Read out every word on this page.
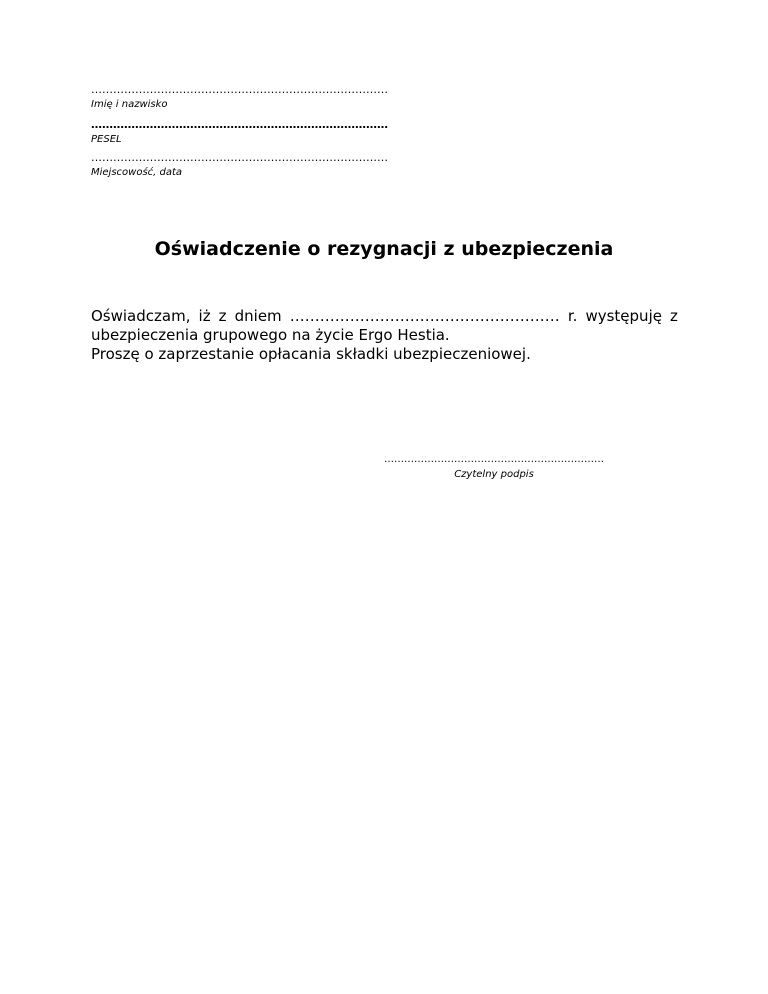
………………………………………………………………………
Imię i nazwisko
………………………………………………………………………
PESEL
………………………………………………………………………
Miejscowość, data
Oświadczenie o rezygnacji z ubezpieczenia
Oświadczam, iż z dniem ……………………………………………… r. występuję z
ubezpieczenia grupowego na życie Ergo Hestia.
Proszę o zaprzestanie opłacania składki ubezpieczeniowej.
…………………………………………………………
Czytelny podpis
